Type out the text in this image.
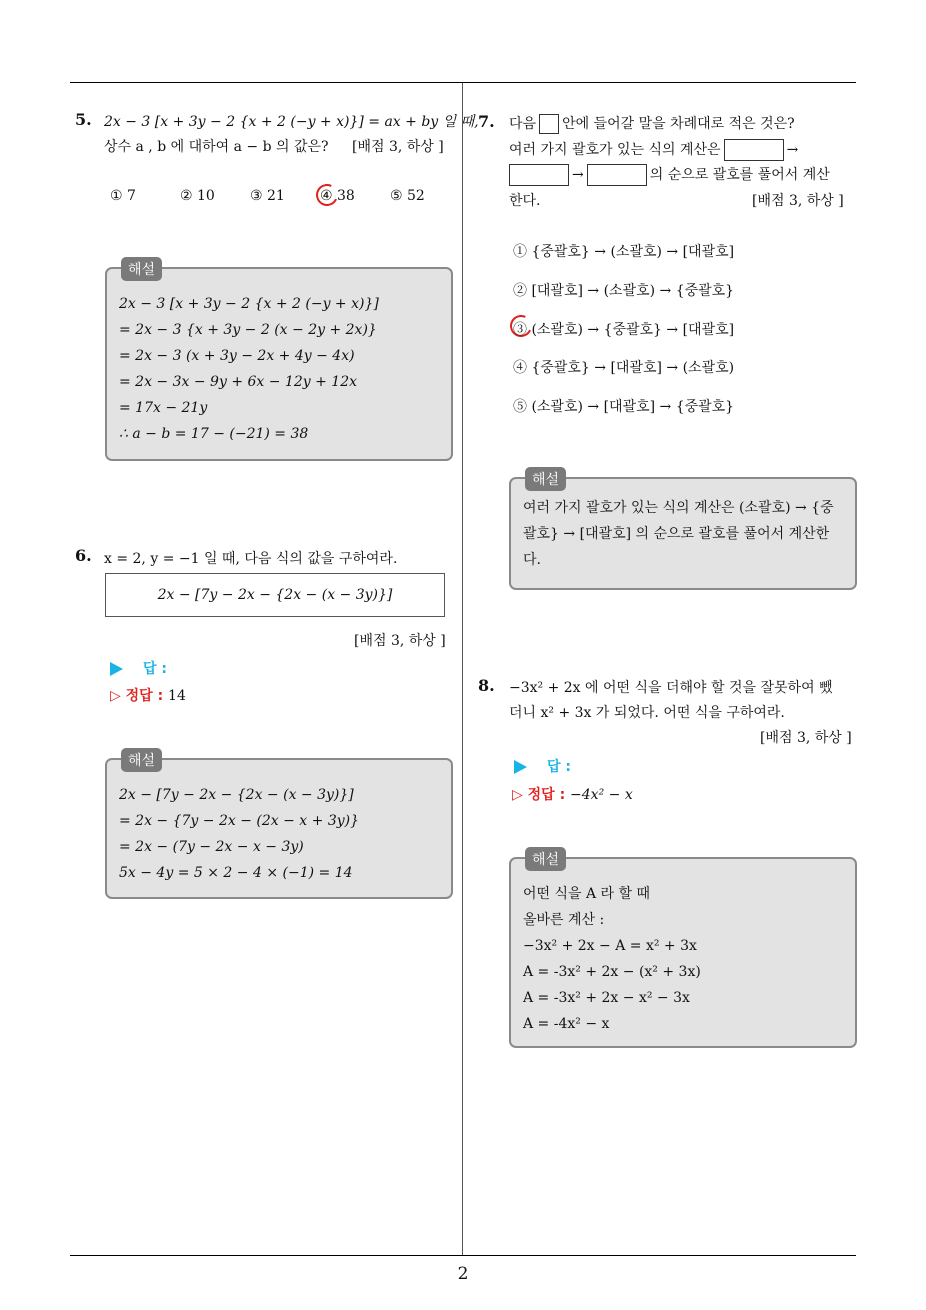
5. 2x − 3 [x + 3y − 2 {x + 2 (−y + x)}] = ax + by 일 때,
상수 a , b 에 대하여 a − b 의 값은? [배점 3, 하상 ]
① 7	② 10	③ 21	④ 38	⑤ 52
해설
2x − 3 [x + 3y − 2 {x + 2 (−y + x)}]
= 2x − 3 {x + 3y − 2 (x − 2y + 2x)}
= 2x − 3 (x + 3y − 2x + 4y − 4x)
= 2x − 3x − 9y + 6x − 12y + 12x
= 17x − 21y
∴ a − b = 17 − (−21) = 38
6. x = 2, y = −1 일 때, 다음 식의 값을 구하여라.
2x − [7y − 2x − {2x − (x − 3y)}]
[배점 3, 하상 ]
답 :
▷ 정답 : 14
해설
2x − [7y − 2x − {2x − (x − 3y)}]
= 2x − {7y − 2x − (2x − x + 3y)}
= 2x − (7y − 2x − x − 3y)
5x − 4y = 5 × 2 − 4 × (−1) = 14
7. 다음 안에 들어갈 말을 차례대로 적은 것은?
여러 가지 괄호가 있는 식의 계산은	→
→	의 순으로 괄호를 풀어서 계산
한다.	[배점 3, 하상 ]
① {중괄호} → (소괄호) → [대괄호]
② [대괄호] → (소괄호) → {중괄호}
③ (소괄호) → {중괄호} → [대괄호]
④ {중괄호} → [대괄호] → (소괄호)
⑤ (소괄호) → [대괄호] → {중괄호}
해설
여러 가지 괄호가 있는 식의 계산은 (소괄호) → {중괄호} → [대괄호] 의 순으로 괄호를 풀어서 계산한다.
8. −3x² + 2x 에 어떤 식을 더해야 할 것을 잘못하여 뺐
더니 x² + 3x 가 되었다. 어떤 식을 구하여라.
[배점 3, 하상 ]
답 :
▷ 정답 : −4x² − x
해설
어떤 식을 A 라 할 때
올바른 계산 :
−3x² + 2x − A = x² + 3x
A = -3x² + 2x − (x² + 3x)
A = -3x² + 2x − x² − 3x
A = -4x² − x
2
